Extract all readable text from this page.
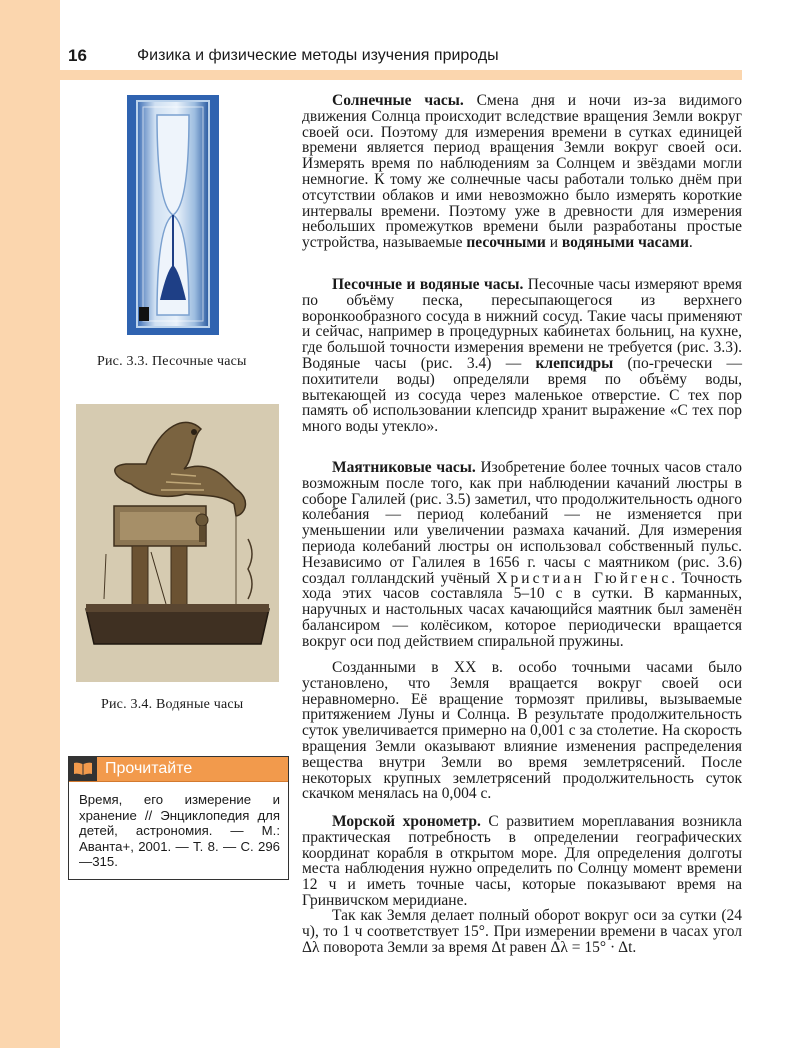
16	Физика и физические методы изучения природы
Рис. 3.3. Песочные часы
Рис. 3.4. Водяные часы
Прочитайте
Время, его измерение и хранение // Энциклопедия для детей, астрономия. — М.: Аванта+, 2001. — Т. 8. — С. 296—315.

Солнечные часы. Смена дня и ночи из-за видимого движения Солнца происходит вследствие вращения Земли вокруг своей оси. Поэтому для измерения времени в сутках единицей времени является период вращения Земли вокруг своей оси. Измерять время по наблюдениям за Солнцем и звёздами могли немногие. К тому же солнечные часы работали только днём при отсутствии облаков и ими невозможно было измерять короткие интервалы времени. Поэтому уже в древности для измерения небольших промежутков времени были разработаны простые устройства, называемые песочными и водяными часами.

Песочные и водяные часы. Песочные часы измеряют время по объёму песка, пересыпающегося из верхнего воронкообразного сосуда в нижний сосуд. Такие часы применяют и сейчас, например в процедурных кабинетах больниц, на кухне, где большой точности измерения времени не требуется (рис. 3.3). Водяные часы (рис. 3.4) — клепсидры (по-гречески — похитители воды) определяли время по объёму воды, вытекающей из сосуда через маленькое отверстие. С тех пор память об использовании клепсидр хранит выражение «С тех пор много воды утекло».

Маятниковые часы. Изобретение более точных часов стало возможным после того, как при наблюдении качаний люстры в соборе Галилей (рис. 3.5) заметил, что продолжительность одного колебания — период колебаний — не изменяется при уменьшении или увеличении размаха качаний. Для измерения периода колебаний люстры он использовал собственный пульс. Независимо от Галилея в 1656 г. часы с маятником (рис. 3.6) создал голландский учёный Христиан Гюйгенс. Точность хода этих часов составляла 5–10 с в сутки. В карманных, наручных и настольных часах качающийся маятник был заменён балансиром — колёсиком, которое периодически вращается вокруг оси под действием спиральной пружины.

Созданными в XX в. особо точными часами было установлено, что Земля вращается вокруг своей оси неравномерно. Её вращение тормозят приливы, вызываемые притяжением Луны и Солнца. В результате продолжительность суток увеличивается примерно на 0,001 с за столетие. На скорость вращения Земли оказывают влияние изменения распределения вещества внутри Земли во время землетрясений. После некоторых крупных землетрясений продолжительность суток скачком менялась на 0,004 с.

Морской хронометр. С развитием мореплавания возникла практическая потребность в определении географических координат корабля в открытом море. Для определения долготы места наблюдения нужно определить по Солнцу момент времени 12 ч и иметь точные часы, которые показывают время на Гринвичском меридиане.

Так как Земля делает полный оборот вокруг оси за сутки (24 ч), то 1 ч соответствует 15°. При измерении времени в часах угол Δλ поворота Земли за время Δt равен Δλ = 15° · Δt.
